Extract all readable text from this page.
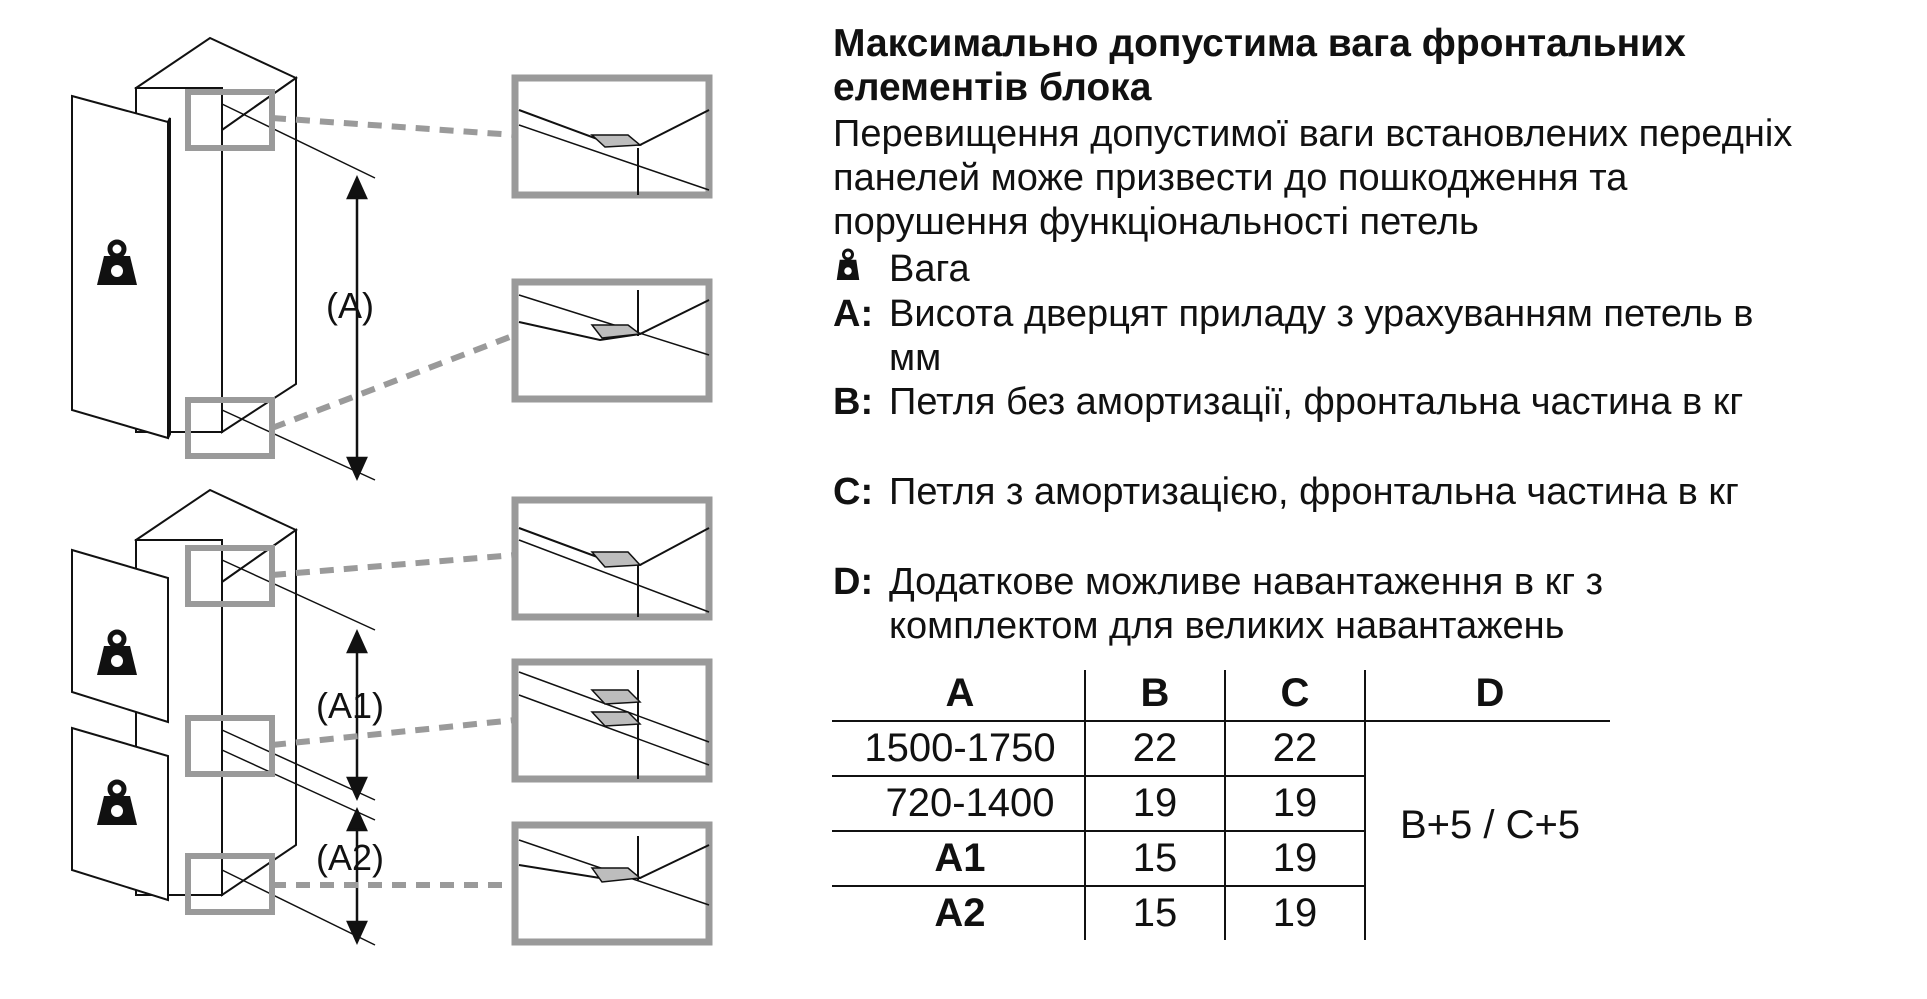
(A)
(A1)
(A2)
Максимально допустима вага фронтальних
елементів блока
Перевищення допустимої ваги встановлених передніх
панелей може призвести до пошкодження та
порушення функціональності петель
Вага
A: Висота дверцят приладу з урахуванням петель в
мм
B: Петля без амортизації, фронтальна частина в кг
C: Петля з амортизацією, фронтальна частина в кг
D: Додаткове можливе навантаження в кг з
комплектом для великих навантажень
A	B	C	D
1500-1750	22	22
720-1400	19	19
A1	15	19
A2	15	19
B+5 / C+5
